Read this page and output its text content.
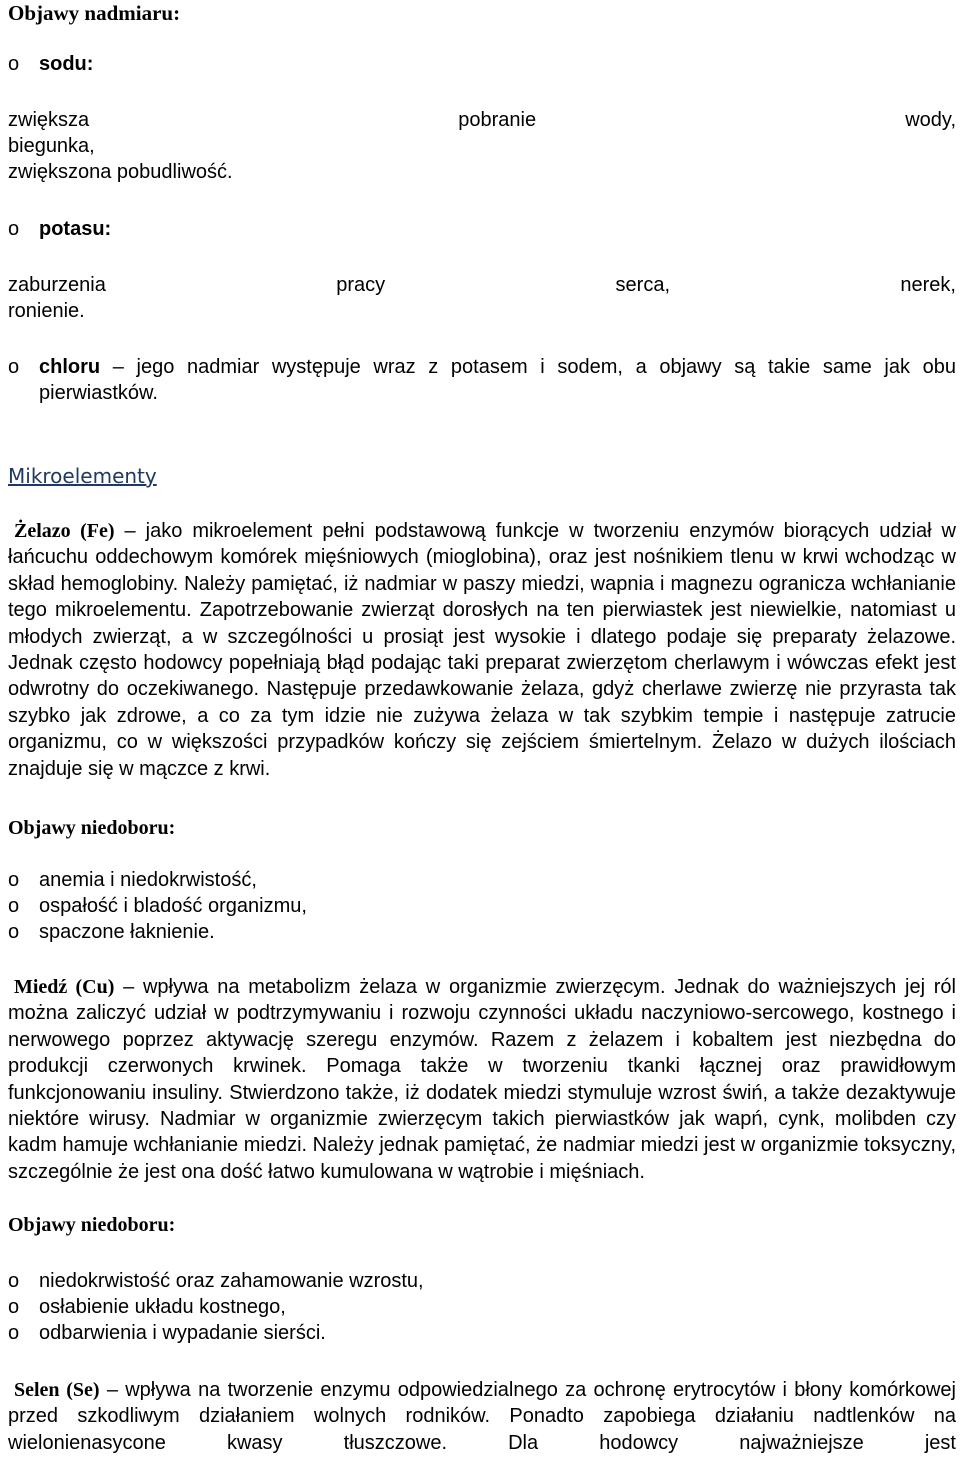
Objawy nadmiaru:
o sodu:
zwiększa	pobranie	wody,
biegunka,
zwiększona pobudliwość.
o potasu:
zaburzenia	pracy	serca,	nerek,
ronienie.
o chloru – jego nadmiar występuje wraz z potasem i sodem, a objawy są takie same jak obu pierwiastków.
Mikroelementy
Żelazo (Fe) – jako mikroelement pełni podstawową funkcje w tworzeniu enzymów biorących udział w łańcuchu oddechowym komórek mięśniowych (mioglobina), oraz jest nośnikiem tlenu w krwi wchodząc w skład hemoglobiny. Należy pamiętać, iż nadmiar w paszy miedzi, wapnia i magnezu ogranicza wchłanianie tego mikroelementu. Zapotrzebowanie zwierząt dorosłych na ten pierwiastek jest niewielkie, natomiast u młodych zwierząt, a w szczególności u prosiąt jest wysokie i dlatego podaje się preparaty żelazowe. Jednak często hodowcy popełniają błąd podając taki preparat zwierzętom cherlawym i wówczas efekt jest odwrotny do oczekiwanego. Następuje przedawkowanie żelaza, gdyż cherlawe zwierzę nie przyrasta tak szybko jak zdrowe, a co za tym idzie nie zużywa żelaza w tak szybkim tempie i następuje zatrucie organizmu, co w większości przypadków kończy się zejściem śmiertelnym. Żelazo w dużych ilościach znajduje się w mączce z krwi.
Objawy niedoboru:
o anemia i niedokrwistość,
o ospałość i bladość organizmu,
o spaczone łaknienie.
Miedź (Cu) – wpływa na metabolizm żelaza w organizmie zwierzęcym. Jednak do ważniejszych jej ról można zaliczyć udział w podtrzymywaniu i rozwoju czynności układu naczyniowo-sercowego, kostnego i nerwowego poprzez aktywację szeregu enzymów. Razem z żelazem i kobaltem jest niezbędna do produkcji czerwonych krwinek. Pomaga także w tworzeniu tkanki łącznej oraz prawidłowym funkcjonowaniu insuliny. Stwierdzono także, iż dodatek miedzi stymuluje wzrost świń, a także dezaktywuje niektóre wirusy. Nadmiar w organizmie zwierzęcym takich pierwiastków jak wapń, cynk, molibden czy kadm hamuje wchłanianie miedzi. Należy jednak pamiętać, że nadmiar miedzi jest w organizmie toksyczny, szczególnie że jest ona dość łatwo kumulowana w wątrobie i mięśniach.
Objawy niedoboru:
o niedokrwistość oraz zahamowanie wzrostu,
o osłabienie układu kostnego,
o odbarwienia i wypadanie sierści.
Selen (Se) – wpływa na tworzenie enzymu odpowiedzialnego za ochronę erytrocytów i błony komórkowej przed szkodliwym działaniem wolnych rodników. Ponadto zapobiega działaniu nadtlenków na wielonienasycone kwasy tłuszczowe. Dla hodowcy najważniejsze jest
